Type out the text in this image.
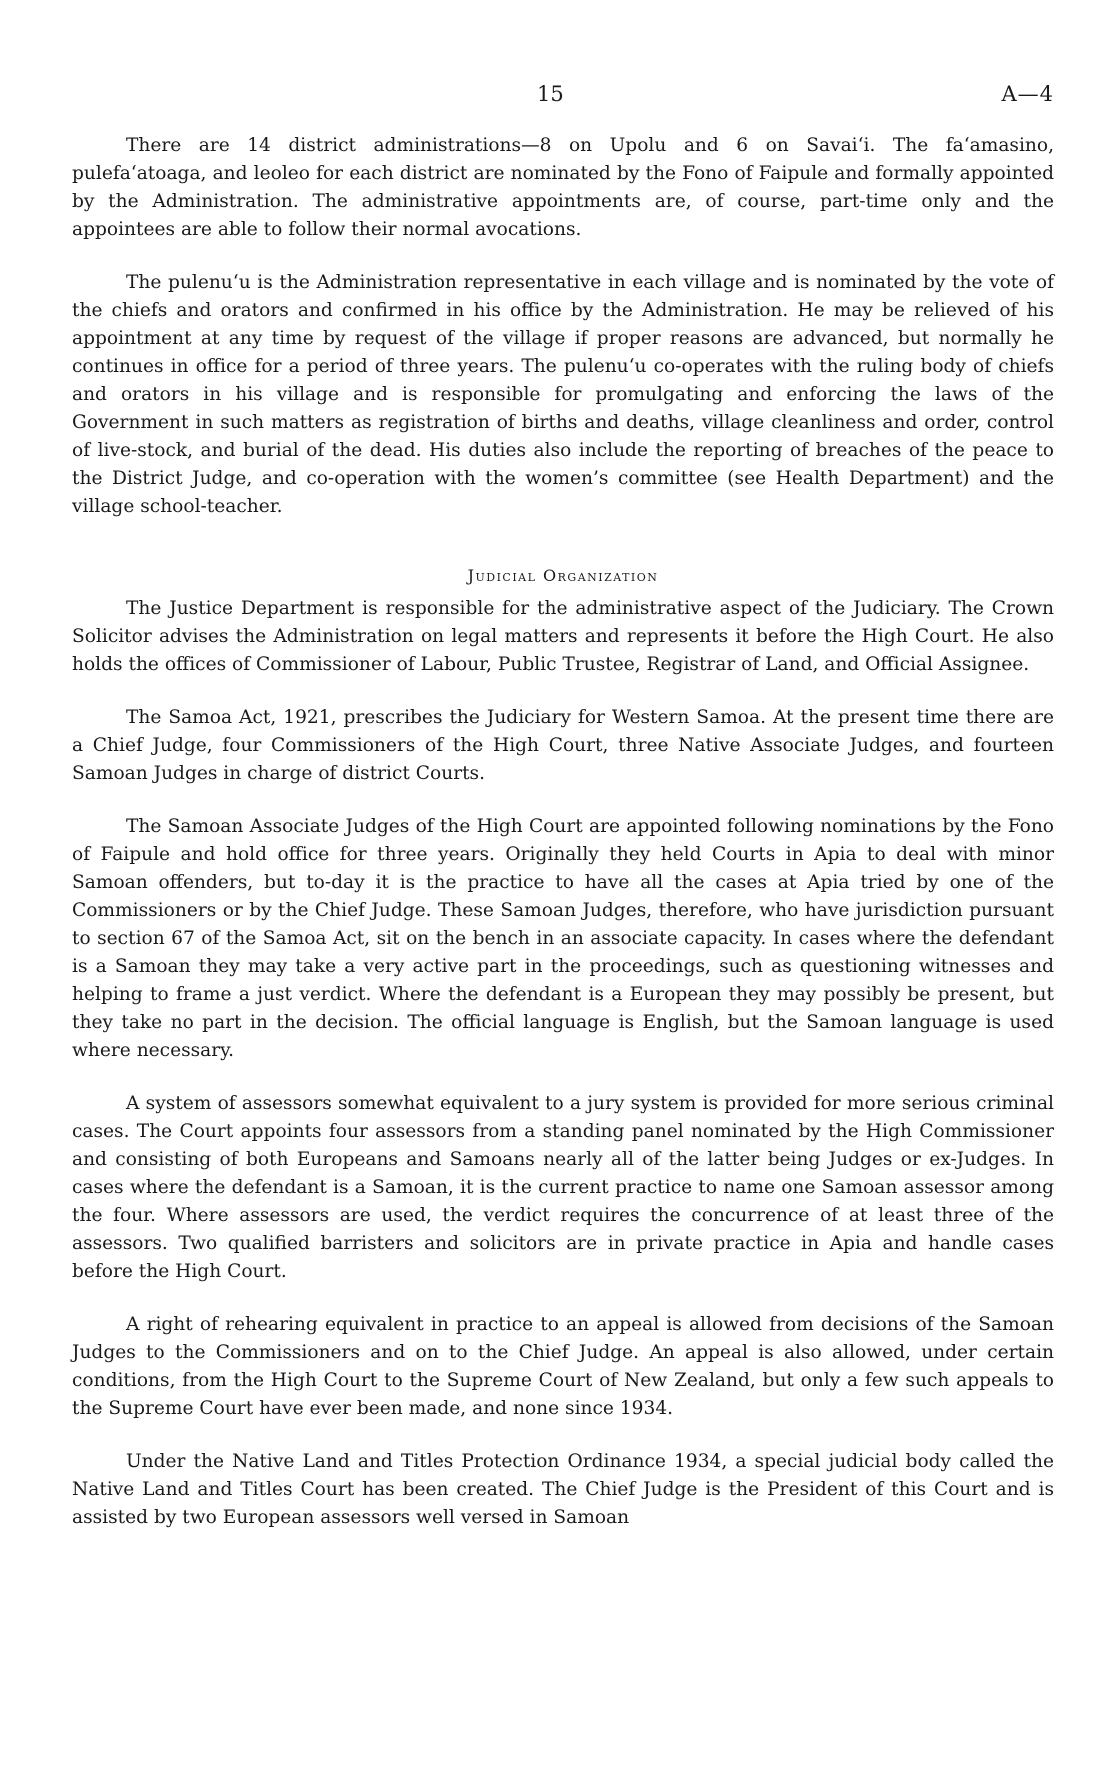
15	A—4

There are 14 district administrations—8 on Upolu and 6 on Savai‘i. The fa‘amasino, pulefa‘atoaga, and leoleo for each district are nominated by the Fono of Faipule and formally appointed by the Administration. The administrative appointments are, of course, part-time only and the appointees are able to follow their normal avocations.

The pulenu‘u is the Administration representative in each village and is nominated by the vote of the chiefs and orators and confirmed in his office by the Administration. He may be relieved of his appointment at any time by request of the village if proper reasons are advanced, but normally he continues in office for a period of three years. The pulenu‘u co-operates with the ruling body of chiefs and orators in his village and is responsible for promulgating and enforcing the laws of the Government in such matters as registration of births and deaths, village cleanliness and order, control of live-stock, and burial of the dead. His duties also include the reporting of breaches of the peace to the District Judge, and co-operation with the women’s committee (see Health Department) and the village school-teacher.

Judicial Organization

The Justice Department is responsible for the administrative aspect of the Judiciary. The Crown Solicitor advises the Administration on legal matters and represents it before the High Court. He also holds the offices of Commissioner of Labour, Public Trustee, Registrar of Land, and Official Assignee.

The Samoa Act, 1921, prescribes the Judiciary for Western Samoa. At the present time there are a Chief Judge, four Commissioners of the High Court, three Native Associate Judges, and fourteen Samoan Judges in charge of district Courts.

The Samoan Associate Judges of the High Court are appointed following nominations by the Fono of Faipule and hold office for three years. Originally they held Courts in Apia to deal with minor Samoan offenders, but to-day it is the practice to have all the cases at Apia tried by one of the Commissioners or by the Chief Judge. These Samoan Judges, therefore, who have jurisdiction pursuant to section 67 of the Samoa Act, sit on the bench in an associate capacity. In cases where the defendant is a Samoan they may take a very active part in the proceedings, such as questioning witnesses and helping to frame a just verdict. Where the defendant is a European they may possibly be present, but they take no part in the decision. The official language is English, but the Samoan language is used where necessary.

A system of assessors somewhat equivalent to a jury system is provided for more serious criminal cases. The Court appoints four assessors from a standing panel nominated by the High Commissioner and consisting of both Europeans and Samoans nearly all of the latter being Judges or ex-Judges. In cases where the defendant is a Samoan, it is the current practice to name one Samoan assessor among the four. Where assessors are used, the verdict requires the concurrence of at least three of the assessors. Two qualified barristers and solicitors are in private practice in Apia and handle cases before the High Court.

A right of rehearing equivalent in practice to an appeal is allowed from decisions of the Samoan Judges to the Commissioners and on to the Chief Judge. An appeal is also allowed, under certain conditions, from the High Court to the Supreme Court of New Zealand, but only a few such appeals to the Supreme Court have ever been made, and none since 1934.

Under the Native Land and Titles Protection Ordinance 1934, a special judicial body called the Native Land and Titles Court has been created. The Chief Judge is the President of this Court and is assisted by two European assessors well versed in Samoan
